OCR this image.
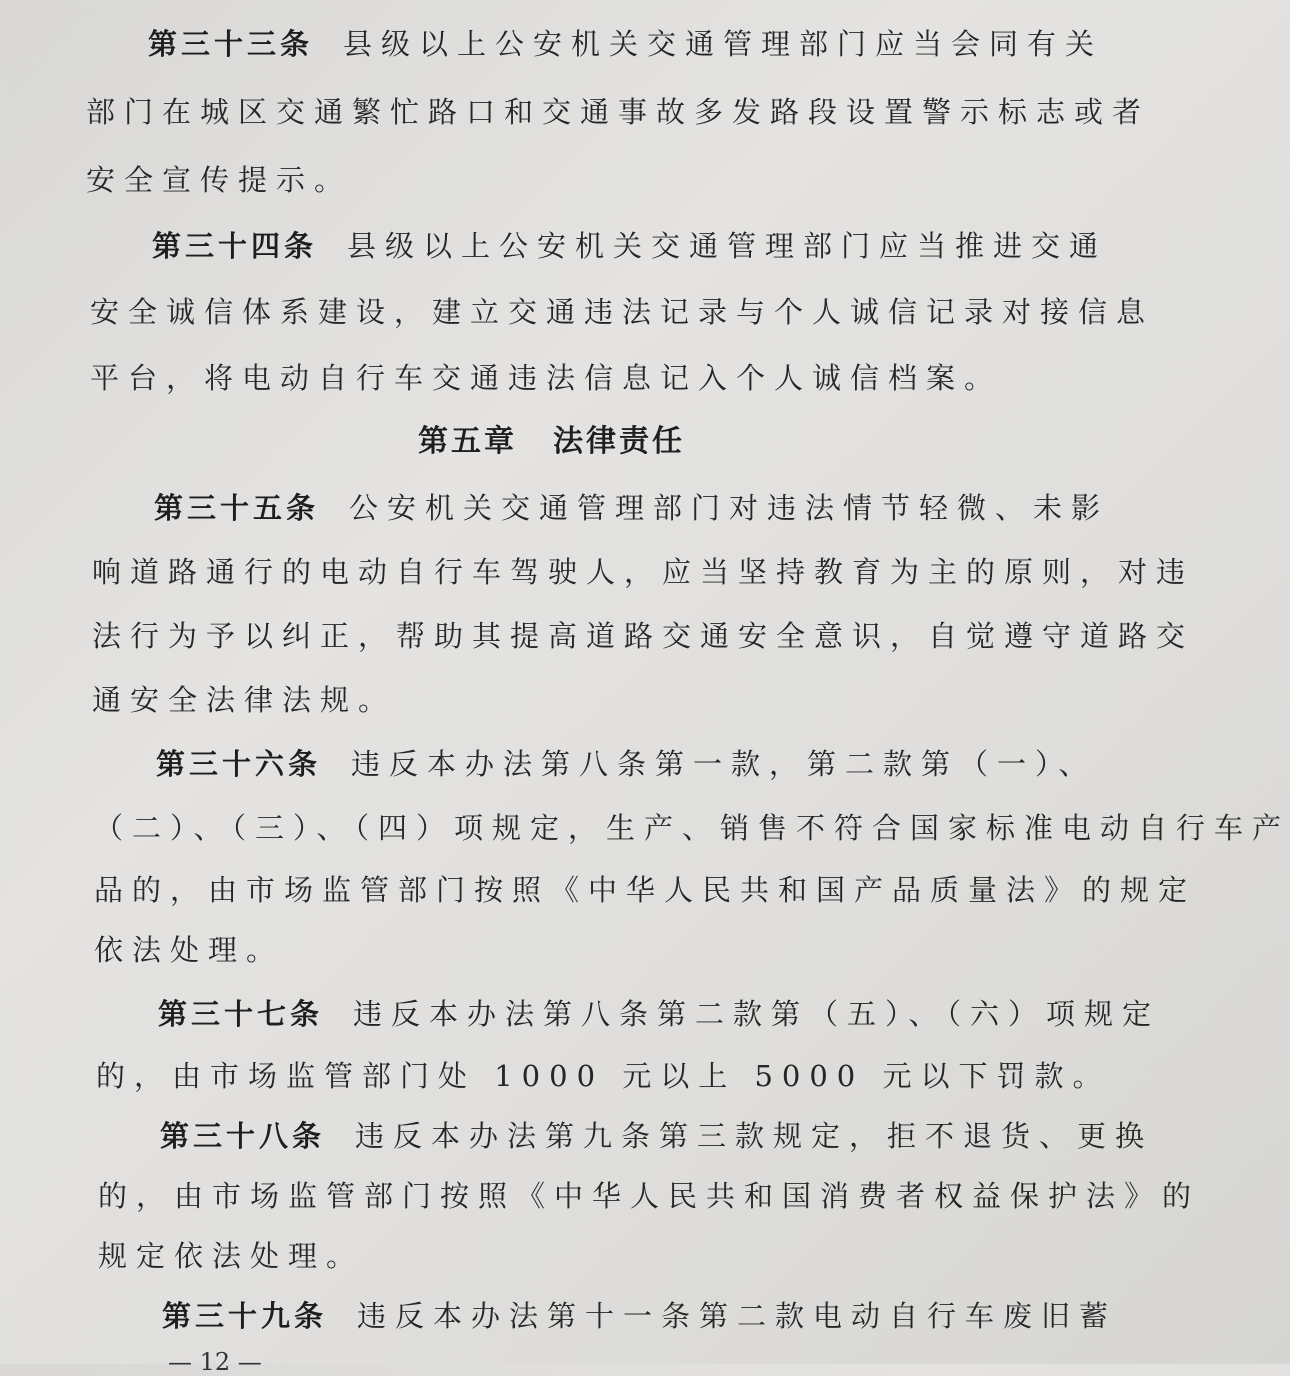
第三十三条 县级以上公安机关交通管理部门应当会同有关
部门在城区交通繁忙路口和交通事故多发路段设置警示标志或者
安全宣传提示。
第三十四条 县级以上公安机关交通管理部门应当推进交通
安全诚信体系建设，建立交通违法记录与个人诚信记录对接信息
平台，将电动自行车交通违法信息记入个人诚信档案。
第五章 法律责任
第三十五条 公安机关交通管理部门对违法情节轻微、未影
响道路通行的电动自行车驾驶人，应当坚持教育为主的原则，对违
法行为予以纠正，帮助其提高道路交通安全意识，自觉遵守道路交
通安全法律法规。
第三十六条 违反本办法第八条第一款，第二款第（一）、
（二）、（三）、（四）项规定，生产、销售不符合国家标准电动自行车产
品的，由市场监管部门按照《中华人民共和国产品质量法》的规定
依法处理。
第三十七条 违反本办法第八条第二款第（五）、（六）项规定
的，由市场监管部门处 1000 元以上 5000 元以下罚款。
第三十八条 违反本办法第九条第三款规定，拒不退货、更换
的，由市场监管部门按照《中华人民共和国消费者权益保护法》的
规定依法处理。
第三十九条 违反本办法第十一条第二款电动自行车废旧蓄
— 12 —
